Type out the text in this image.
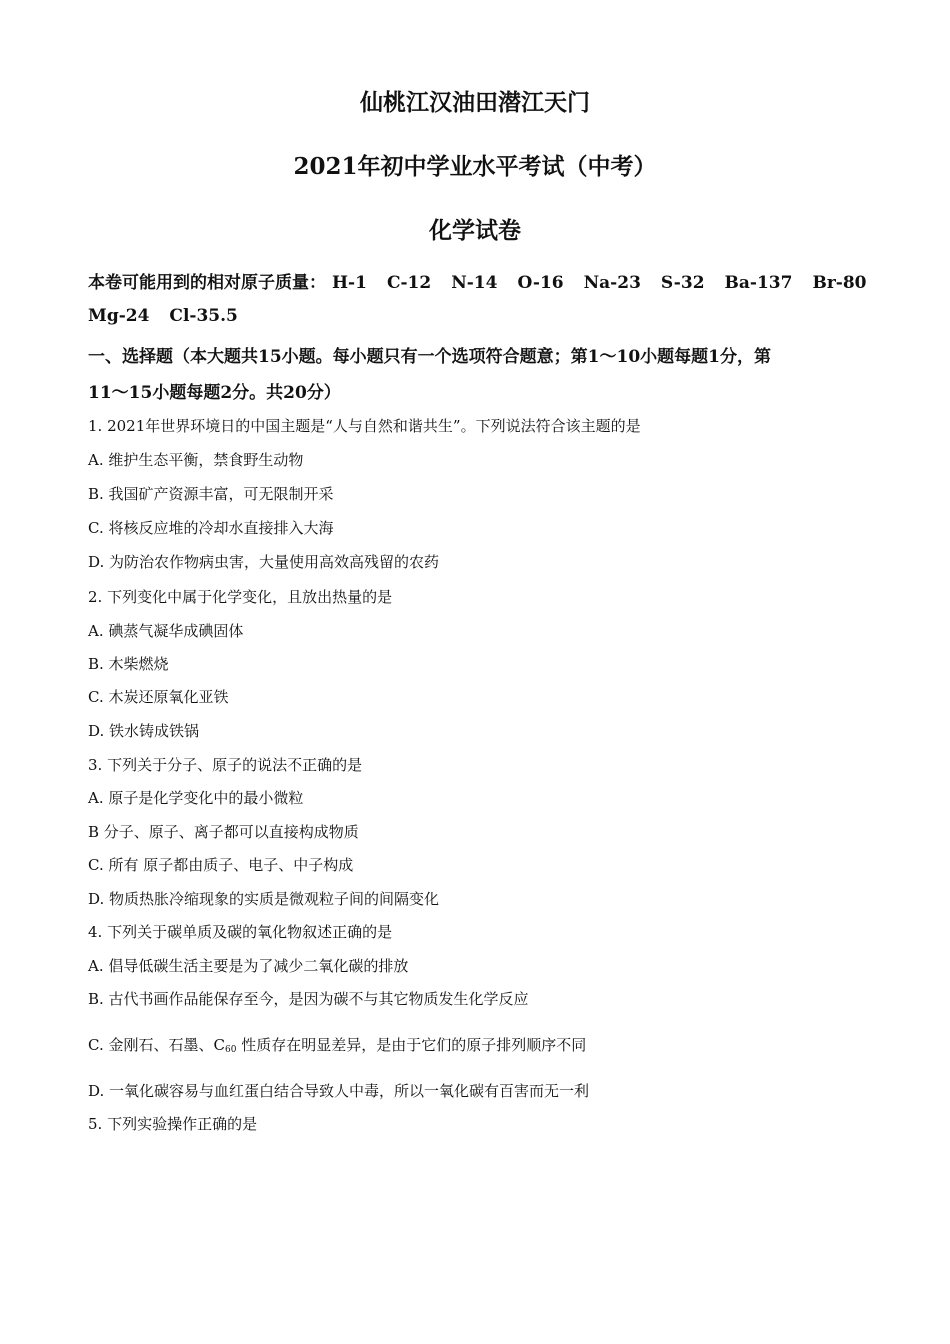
仙桃江汉油田潜江天门
2021年初中学业水平考试（中考）
化学试卷
本卷可能用到的相对原子质量： H-1 C-12 N-14 O-16 Na-23 S-32 Ba-137 Br-80
Mg-24 Cl-35.5
一、选择题（本大题共15小题。每小题只有一个选项符合题意；第1～10小题每题1分，第
11～15小题每题2分。共20分）
1. 2021年世界环境日的中国主题是“人与自然和谐共生”。下列说法符合该主题的是
A. 维护生态平衡，禁食野生动物
B. 我国矿产资源丰富，可无限制开采
C. 将核反应堆的冷却水直接排入大海
D. 为防治农作物病虫害，大量使用高效高残留的农药
2. 下列变化中属于化学变化，且放出热量的是
A. 碘蒸气凝华成碘固体
B. 木柴燃烧
C. 木炭还原氧化亚铁
D. 铁水铸成铁锅
3. 下列关于分子、原子的说法不正确的是
A. 原子是化学变化中的最小微粒
B 分子、原子、离子都可以直接构成物质
C. 所有 原子都由质子、电子、中子构成
D. 物质热胀冷缩现象的实质是微观粒子间的间隔变化
4. 下列关于碳单质及碳的氧化物叙述正确的是
A. 倡导低碳生活主要是为了减少二氧化碳的排放
B. 古代书画作品能保存至今，是因为碳不与其它物质发生化学反应
C. 金刚石、石墨、$C_{60}$ 性质存在明显差异，是由于它们的原子排列顺序不同
D. 一氧化碳容易与血红蛋白结合导致人中毒，所以一氧化碳有百害而无一利
5. 下列实验操作正确的是
